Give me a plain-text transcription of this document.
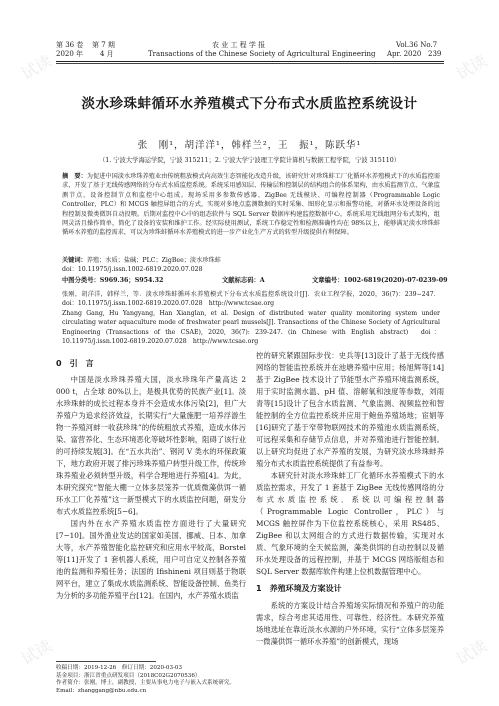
第 36 卷 第 7 期	农 业 工 程 学 报	Vol.36 No.7
2020 年 4 月	Transactions of the Chinese Society of Agricultural Engineering Apr. 2020 239
淡水珍珠蚌循环水养殖模式下分布式水质监控系统设计
张　刚¹，胡洋洋¹，韩样兰²，王　振¹，陈跃华¹
（1. 宁波大学海运学院，宁波 315211；2. 宁波大学宁波理工学院计算机与数据工程学院，宁波 315110）
摘　要：为促进中国淡水珍珠养殖业由传统粗放模式向高效生态智能化改造升级，该研究针对珍珠蚌工厂化循环水养殖模式下的水质监控需求，开发了基于无线传感网络的分布式水质监控系统。系统采用感知层、传输层和控制层的结构组合的体系架构，由水质监测节点、气象监测节点、设备控制节点和监控中心组成。现场采用多参数传感器、ZigBee 无线模块、可编程控制器（Programmable Logic Controller，PLC）和 MCGS 触控屏组合的方式，实现对多地点监测数据的实时采集、图形化显示和报警功能，对循环水处理设备的远程控制及微类微饵自动投喂。后期对监控中心中的组态软件与 SQL Server 数据库构建监控数据中心，系统采用无线组网分布式架构，组网灵活且操作简单，简化了设备的安装和维护工作。经实际使用测试，系统工作稳定性和检测准确性均在 98%以上，能够满足淡水珍珠蚌循环水养殖的监控需求，可以为珍珠蚌循环水养殖模式的进一步产业化生产方式的转型升级提供有利保障。
关键词：养殖；水质；盐碱；PLC；ZigBee；淡水珍珠蚌
doi：10.11975/j.issn.1002-6819.2020.07.028
中图分类号：S969.36；S954.32	文献标志码：A	文章编号：1002-6819(2020)-07-0239-09
张刚，胡洋洋，韩样兰，等．淡水珍珠蚌循环水养殖模式下分布式水质监控系统设计[J]．农业工程学报，2020，36(7)：239−247．doi：10.11975/j.issn.1002-6819.2020.07.028　http://www.tcsae.org
Zhang Gang, Hu Yangyang, Han Xianglan, et al. Design of distributed water quality monitoring system under circulating water aquaculture mode of freshwater pearl mussels[J]. Transactions of the Chinese Society of Agricultural Engineering (Transactions of the CSAE), 2020, 36(7): 239-247. (in Chinese with English abstract)　doi：10.11975/j.issn.1002-6819.2020.07.028　http://www.tcsae.org
0　引　言

中国是淡水珍珠养殖大国，淡水珍珠年产量高达 2 000 t，占全球 80%以上，是极具优势的民族产业[1]。淡水珍珠蚌的成长过程本身并不会造成水体污染[2]，但广大养殖户为追求经济效益，长期实行“大量施肥一培养浮游生物一养殖河蚌一收获珍珠”的传统粗放式养殖，造成水体污染、富营养化、生态环境恶化等破坏性影响，阻碍了该行业的可持续发展[3]。在“五水共治”、钢河 V 类水的环保政策下，地方政府开展了排污珍珠养殖户转型升级工作，传统珍珠养殖业必须转型升级，科学合理地进行养殖[4]。为此，本研究探究“智能大棚一立体多层笼养一优质微藻供饵一循环水工厂化养殖”这一新型模式下的水质监控问题，研发分布式水质监控系统[5−6]。

国内外在水产养殖水质监控方面进行了大量研究[7−10]。国外渔业发达的国家如美国、挪威、日本、加拿大等，水产养殖智能化监控研究和应用水平较高，Borstel 等[11]开发了 1 套机器人系统，用户可自定义控制各养殖池的监测和养殖任务；法国的 Ifishineni 项目则基于物联网平台，建立了集成水质监测系统、智能设备控制、鱼类行为分析的多功能养殖平台[12]。在国内，水产养殖水质监

控的研究紧跟国际步伐：史兵等[13]设计了基于无线传感网络的智能监控系统并在池塘养殖中应用；杨旭辉等[14]基于 ZigBee 技术设计了节能型水产养殖环境监测系统，用于实时监测水温、pH 值、溶解氧和浊度等参数，刘雨青等[15]设计了包含水质监测、气象监测、视频监控和智能控制的全方位监控系统并应用于鲍鱼养殖场地；宦娟等[16]研究了基于窄带物联网技术的养殖池水质监测系统，可远程采集和存储节点信息，并对养殖池进行智能控制。以上研究均促进了水产养殖的发展，为研究淡水珍珠蚌养殖分布式水质监控系统提供了有益参考。

本研究针对淡水珍珠蚌工厂化循环水养殖模式下的水质监控需求，开发了 1 套基于 ZigBee 无线传感网络的分布式水质监控系统．系统以可编程控制器（Programmable Logic Controller，PLC）与 MCGS 触控屏作为下位监控系统核心，采用 RS485、ZigBee 和以太网组合的方式进行数据传输，实现对水质、气象环境的全天候监测，藻类供饵的自动控制以及循环水处理设备的远程控制，并基于 MCGS 网络版组态和 SQL Server 数据库软件构建上位机数据管理中心。

1　养殖环境及方案设计

系统的方案设计结合养殖场实际情况和养殖户的功能需求，综合考虑其适用性、可靠性、经济性。本研究养殖场地选址在靠近淡水水源的户外环境，实行“立体多层笼养一微藻供饵一循环水养殖”的创新模式，现场

收稿日期：2019-12-26　修订日期：2020-03-03
基金项目：浙江省重点研发项目（2018C02G2070536）
作者简介：张刚，博士，副教授，主要从事电力电子与嵌入式系统研究。Email：zhanggang@nbu.edu.cn
试读
试读
试读
试读
